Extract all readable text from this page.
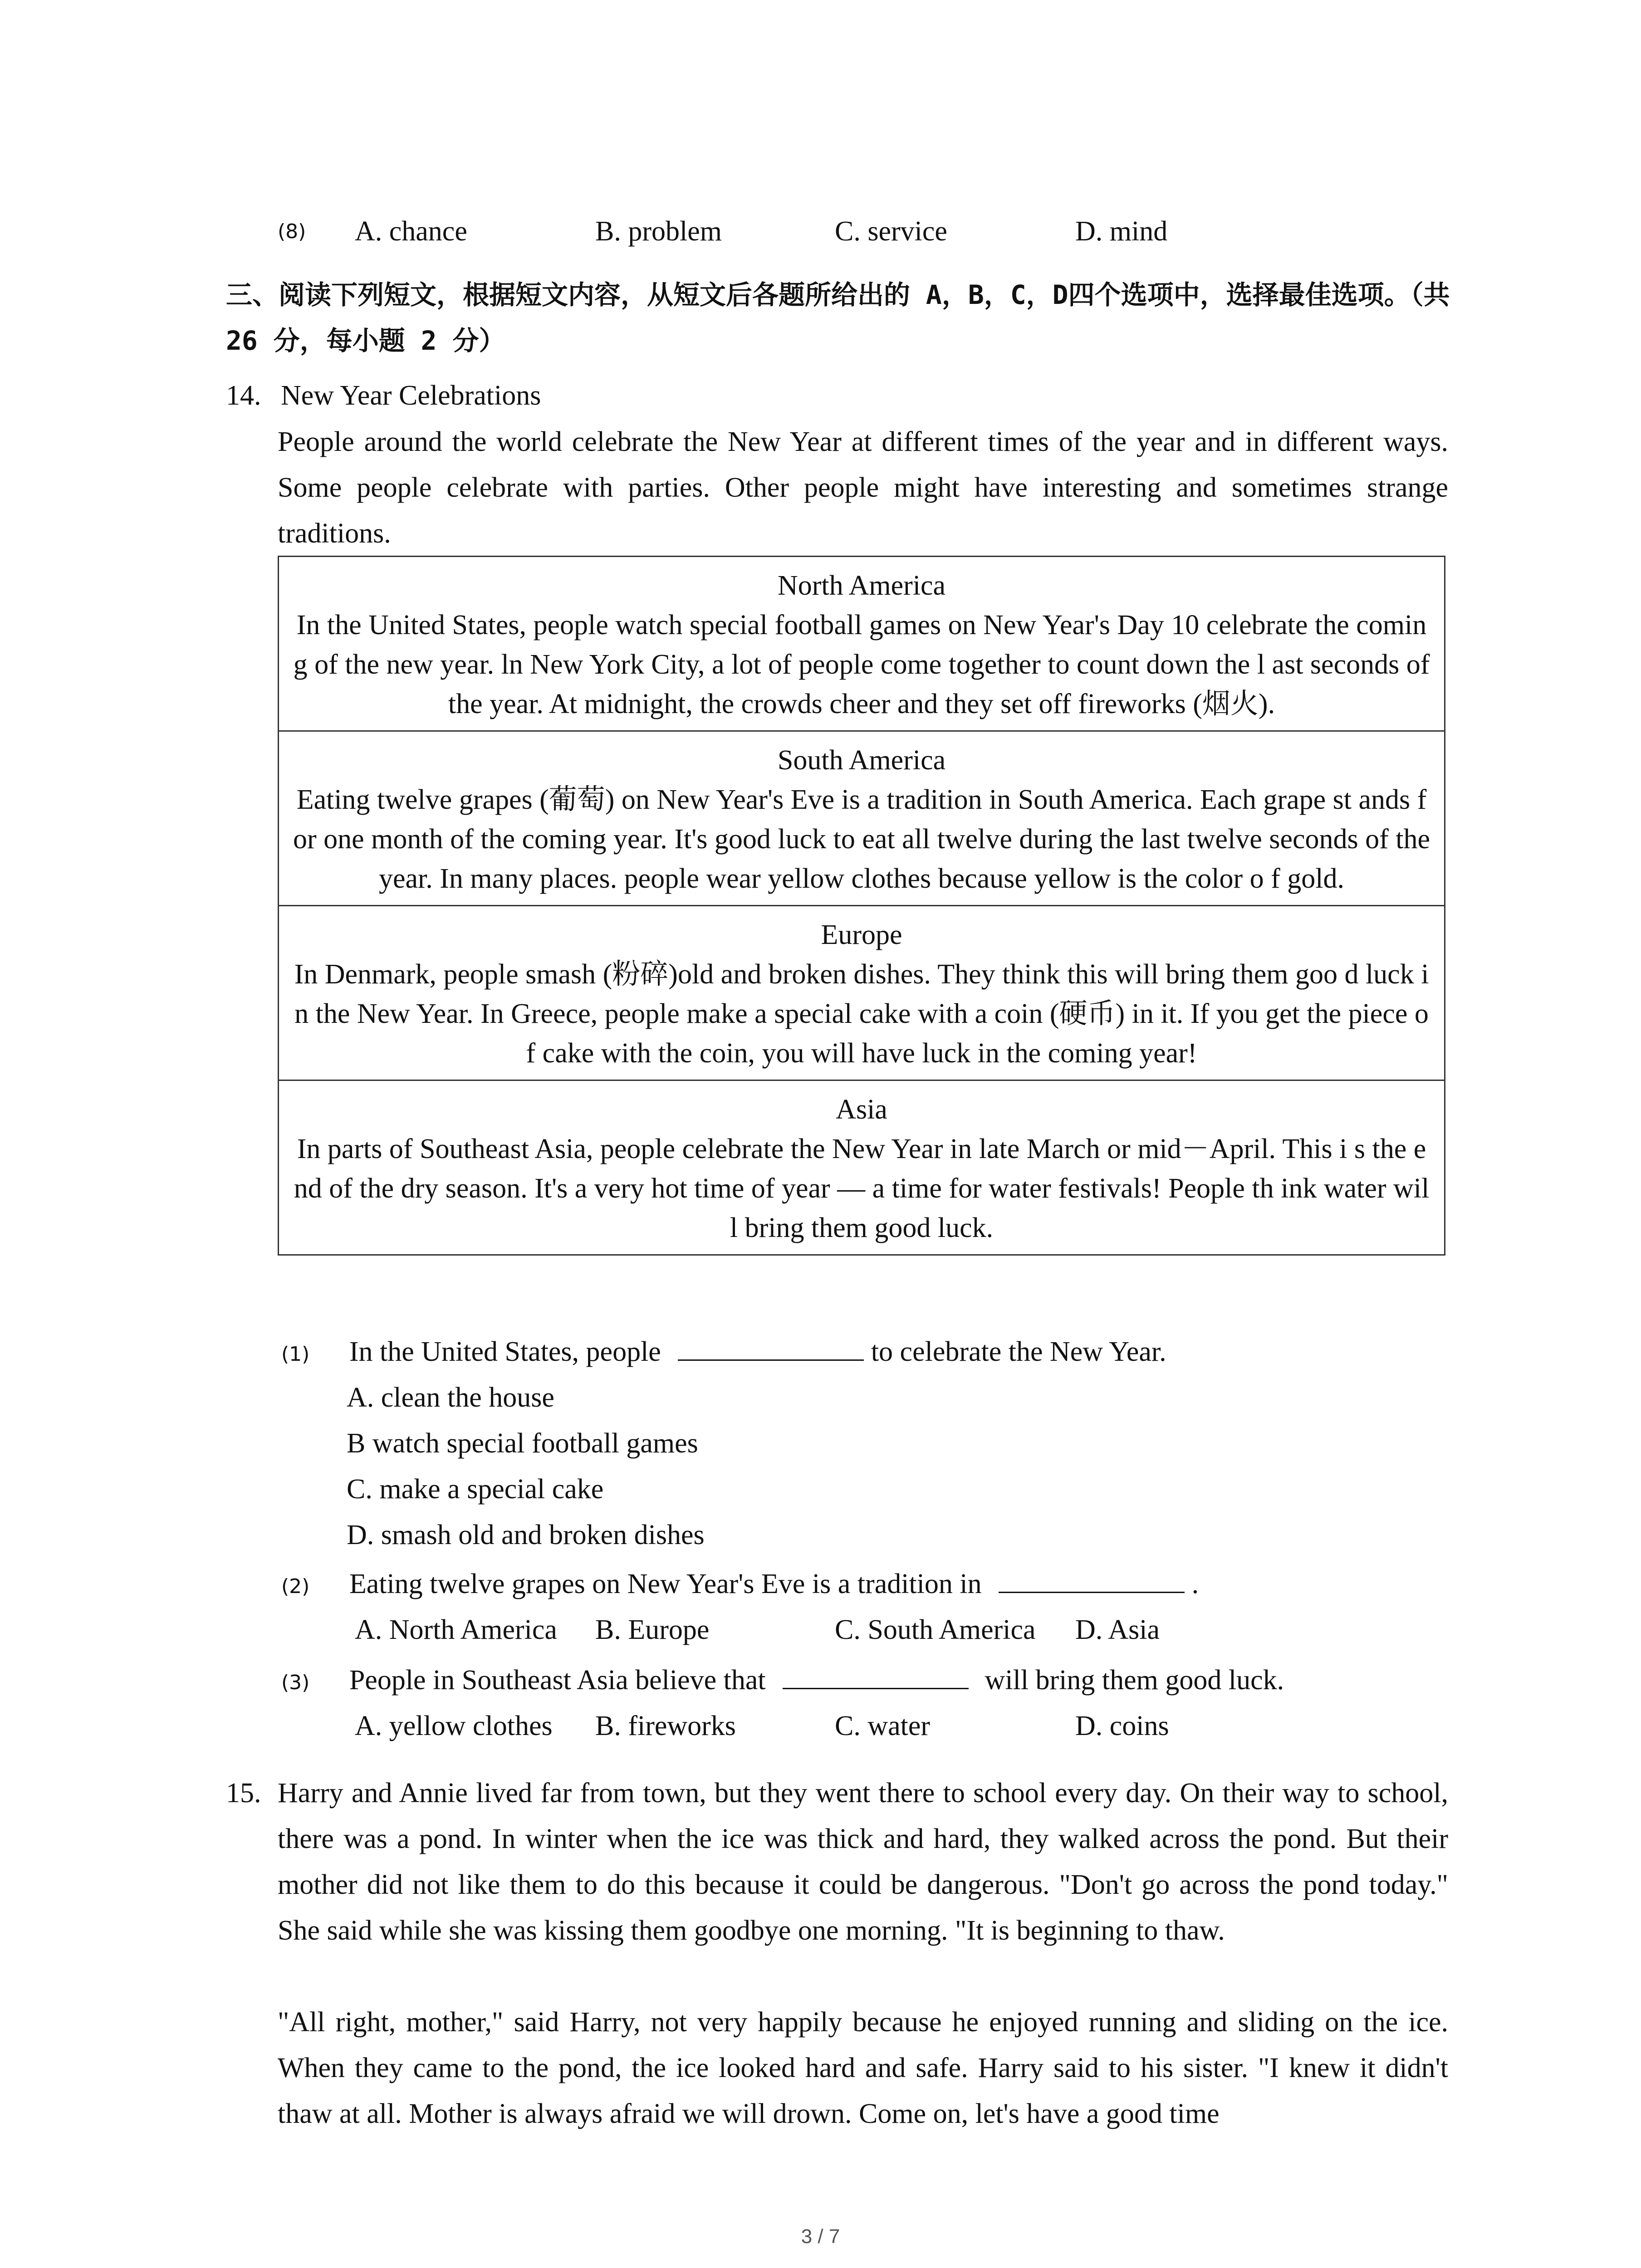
(8) A. chance	B. problem	C. service	D. mind
三、阅读下列短文，根据短文内容，从短文后各题所给出的 A，B，C，D四个选项中，选择最佳选项。（共 26 分，每小题 2 分）
14. New Year Celebrations
People around the world celebrate the New Year at different times of the year and in different ways. Some people celebrate with parties. Other people might have interesting and sometimes strange traditions.
North America
In the United States, people watch special football games on New Year's Day 10 celebrate the coming of the new year. ln New York City, a lot of people come together to count down the l ast seconds of the year. At midnight, the crowds cheer and they set off fireworks (烟火).
South America
Eating twelve grapes (葡萄) on New Year's Eve is a tradition in South America. Each grape st ands for one month of the coming year. It's good luck to eat all twelve during the last twelve seconds of the year. In many places. people wear yellow clothes because yellow is the color o f gold.
Europe
In Denmark, people smash (粉碎)old and broken dishes. They think this will bring them goo d luck in the New Year. In Greece, people make a special cake with a coin (硬币) in it. If you get the piece of cake with the coin, you will have luck in the coming year!
Asia
In parts of Southeast Asia, people celebrate the New Year in late March or mid－April. This i s the end of the dry season. It's a very hot time of year — a time for water festivals! People th ink water will bring them good luck.
(1) In the United States, people	to celebrate the New Year.
A. clean the house
B watch special football games
C. make a special cake
D. smash old and broken dishes
(2) Eating twelve grapes on New Year's Eve is a tradition in	.
A. North America B. Europe	C. South America D. Asia
(3) People in Southeast Asia believe that	will bring them good luck.
A. yellow clothes B. fireworks	C. water	D. coins
15. Harry and Annie lived far from town, but they went there to school every day. On their way to school, there was a pond. In winter when the ice was thick and hard, they walked across the pond. But their mother did not like them to do this because it could be dangerous. "Don't go across the pond today." She said while she was kissing them goodbye one morning. "It is beginning to thaw.
"All right, mother," said Harry, not very happily because he enjoyed running and sliding on the ice. When they came to the pond, the ice looked hard and safe. Harry said to his sister. "I knew it didn't thaw at all. Mother is always afraid we will drown. Come on, let's have a good time
3 / 7
